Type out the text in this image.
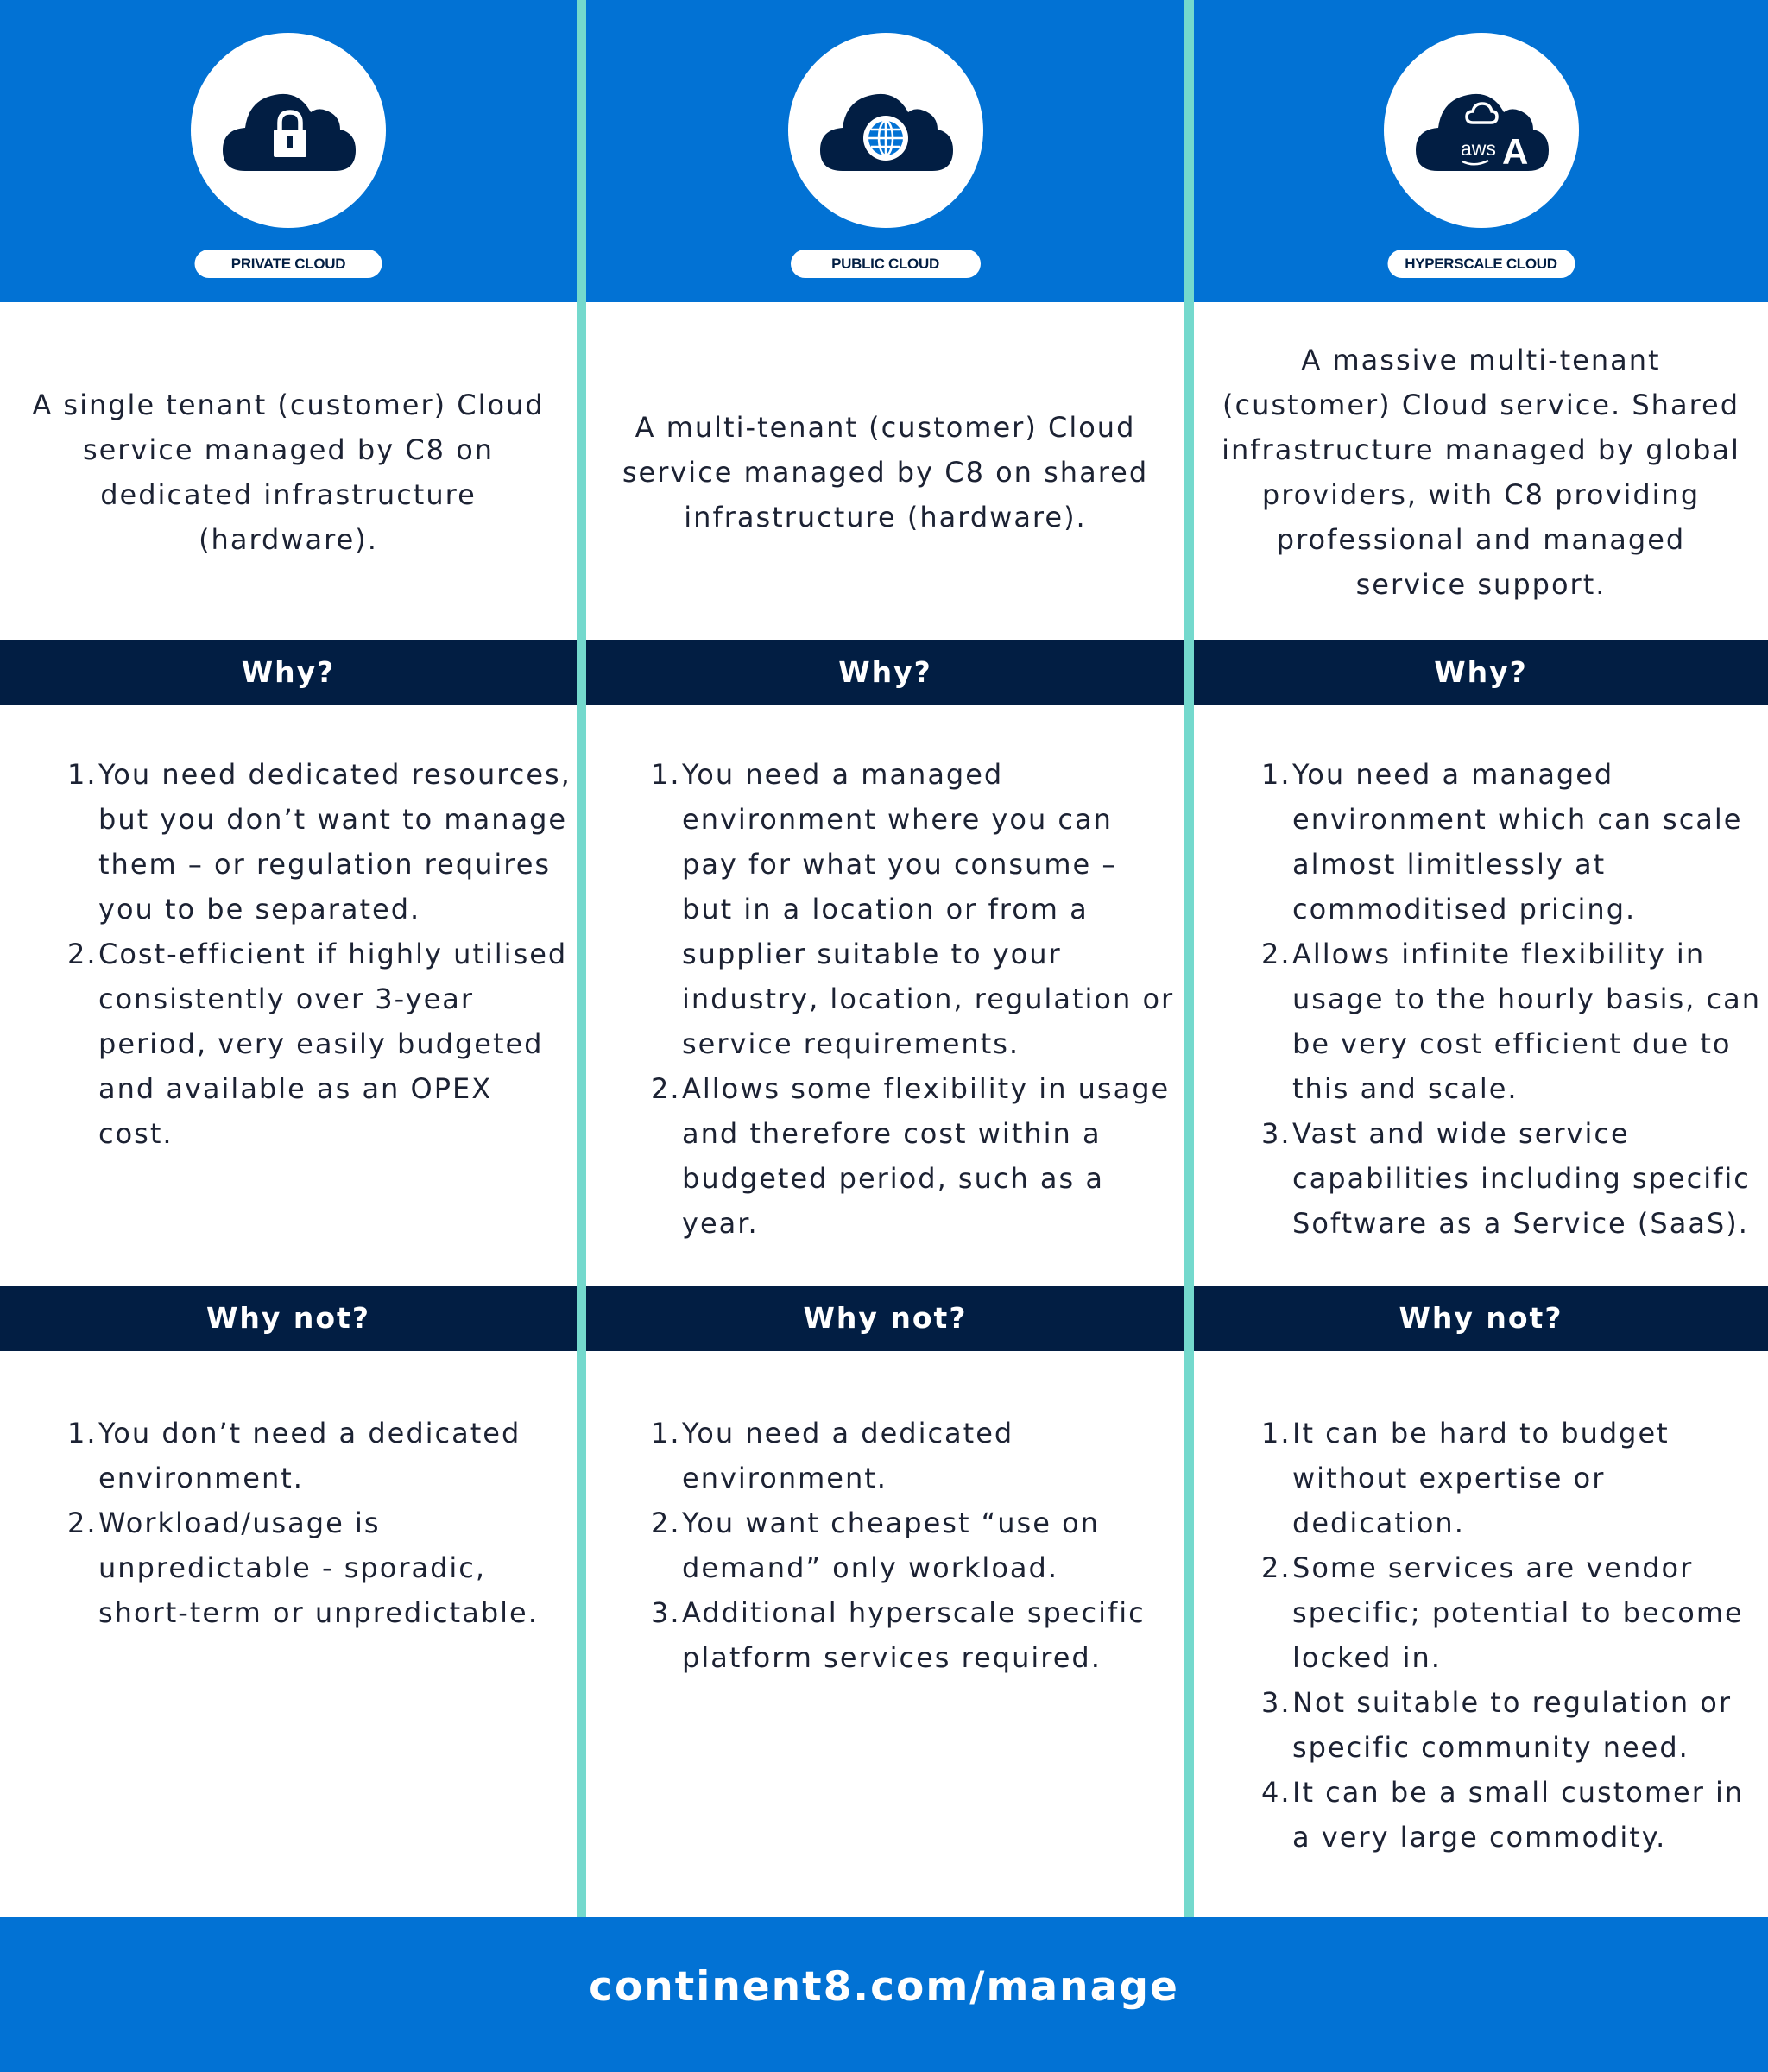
PRIVATE CLOUD

A single tenant (customer) Cloud service managed by C8 on dedicated infrastructure (hardware).

Why?
1. You need dedicated resources, but you don’t want to manage them – or regulation requires you to be separated.
2. Cost-efficient if highly utilised consistently over 3-year period, very easily budgeted and available as an OPEX cost.
Why not?
1. You don’t need a dedicated environment.
2. Workload/usage is unpredictable - sporadic, short-term or unpredictable.
PUBLIC CLOUD

A multi-tenant (customer) Cloud service managed by C8 on shared infrastructure (hardware).

Why?
1. You need a managed environment where you can pay for what you consume – but in a location or from a supplier suitable to your industry, location, regulation or service requirements.
2. Allows some flexibility in usage and therefore cost within a budgeted period, such as a year.
Why not?
1. You need a dedicated environment.
2. You want cheapest “use on demand” only workload.
3. Additional hyperscale specific platform services required.
aws A
HYPERSCALE CLOUD

A massive multi-tenant (customer) Cloud service. Shared infrastructure managed by global providers, with C8 providing professional and managed service support.

Why?
1. You need a managed environment which can scale almost limitlessly at commoditised pricing.
2. Allows infinite flexibility in usage to the hourly basis, can be very cost efficient due to this and scale.
3. Vast and wide service capabilities including specific Software as a Service (SaaS).
Why not?
1. It can be hard to budget without expertise or dedication.
2. Some services are vendor specific; potential to become locked in.
3. Not suitable to regulation or specific community need.
4. It can be a small customer in a very large commodity.
continent8.com/manage
